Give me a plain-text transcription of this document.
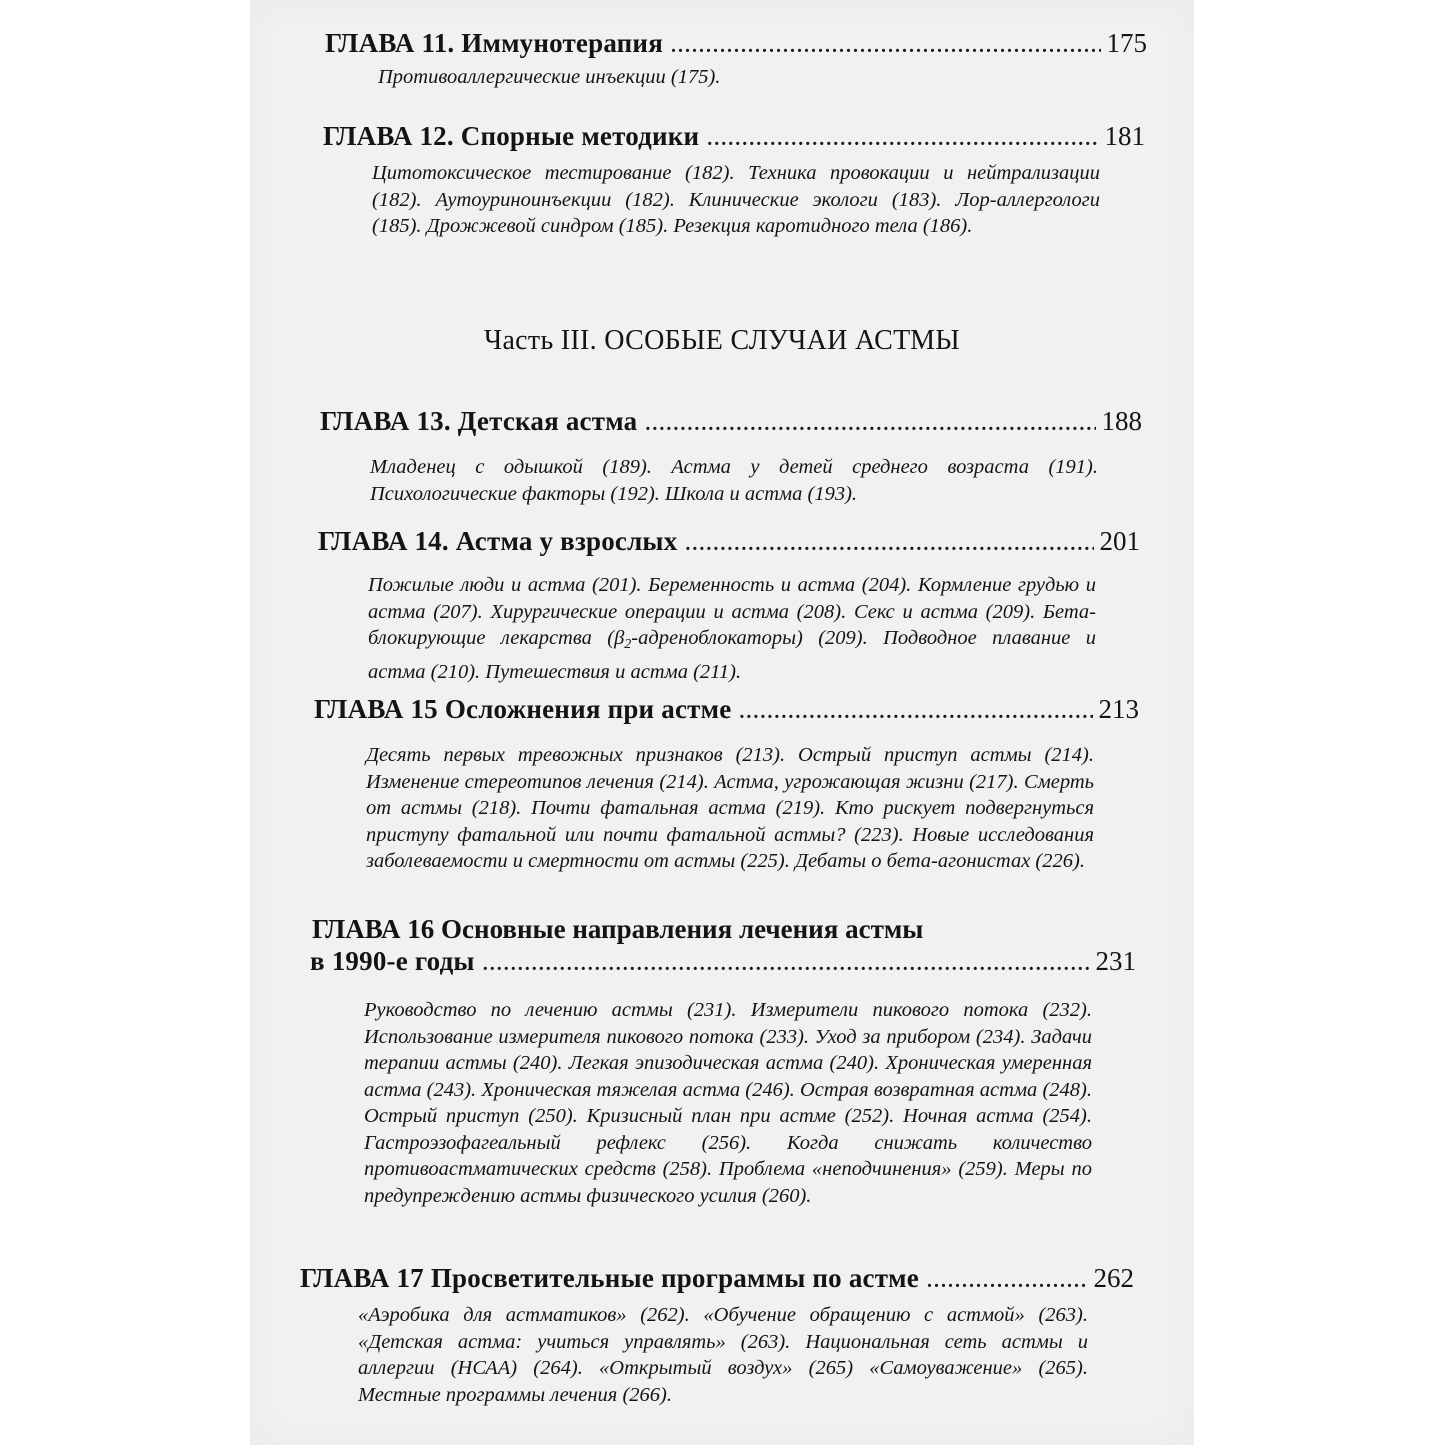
ГЛАВА 11. Иммунотерапия .....	175
Противоаллергические инъекции (175).
ГЛАВА 12. Спорные методики .....	181
Цитотоксическое тестирование (182). Техника провокации и нейтрализации (182). Аутоуриноинъекции (182). Клинические экологи (183). Лор-аллергологи (185). Дрожжевой синдром (185). Резекция каротидного тела (186).
Часть III. ОСОБЫЕ СЛУЧАИ АСТМЫ
ГЛАВА 13. Детская астма .....	188
Младенец с одышкой (189). Астма у детей среднего возраста (191). Психологические факторы (192). Школа и астма (193).
ГЛАВА 14. Астма у взрослых .....	201
Пожилые люди и астма (201). Беременность и астма (204). Кормление грудью и астма (207). Хирургические операции и астма (208). Секс и астма (209). Бета-блокирующие лекарства $(\beta_2-адреноблокаторы)$ (209). Подводное плавание и астма (210). Путешествия и астма (211).
ГЛАВА 15 Осложнения при астме .....	213
Десять первых тревожных признаков (213). Острый приступ астмы (214). Изменение стереотипов лечения (214). Астма, угрожающая жизни (217). Смерть от астмы (218). Почти фатальная астма (219). Кто рискует подвергнуться приступу фатальной или почти фатальной астмы? (223). Новые исследования заболеваемости и смертности от астмы (225). Дебаты о бета-агонистах (226).
ГЛАВА 16 Основные направления лечения астмы
в 1990-е годы .....	231
Руководство по лечению астмы (231). Измерители пикового потока (232). Использование измерителя пикового потока (233). Уход за прибором (234). Задачи терапии астмы (240). Легкая эпизодическая астма (240). Хроническая умеренная астма (243). Хроническая тяжелая астма (246). Острая возвратная астма (248). Острый приступ (250). Кризисный план при астме (252). Ночная астма (254). Гастроэзофагеальный рефлекс (256). Когда снижать количество противоастматических средств (258). Проблема «неподчинения» (259). Меры по предупреждению астмы физического усилия (260).
ГЛАВА 17 Просветительные программы по астме .....	262
«Аэробика для астматиков» (262). «Обучение обращению с астмой» (263). «Детская астма: учиться управлять» (263). Национальная сеть астмы и аллергии (НСАА) (264). «Открытый воздух» (265) «Самоуважение» (265). Местные программы лечения (266).
